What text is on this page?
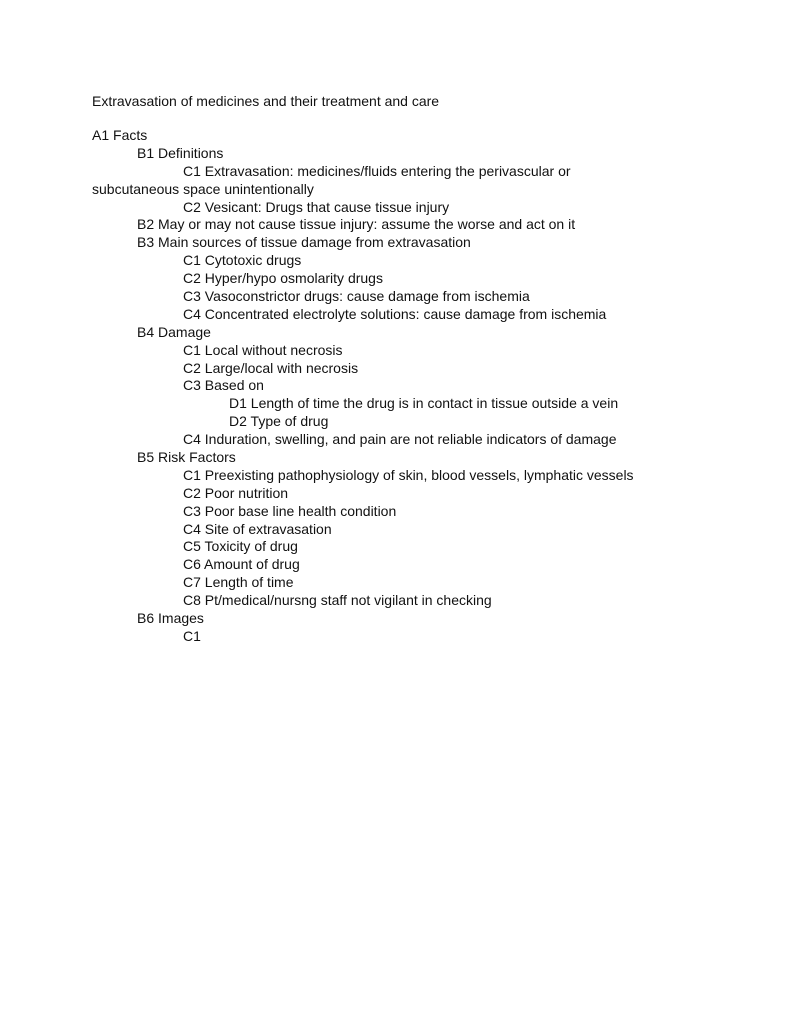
Extravasation of medicines and their treatment and care
A1 Facts
B1 Definitions
C1 Extravasation: medicines/fluids entering the perivascular or
subcutaneous space unintentionally
C2 Vesicant: Drugs that cause tissue injury
B2 May or may not cause tissue injury: assume the worse and act on it
B3 Main sources of tissue damage from extravasation
C1 Cytotoxic drugs
C2 Hyper/hypo osmolarity drugs
C3 Vasoconstrictor drugs: cause damage from ischemia
C4 Concentrated electrolyte solutions: cause damage from ischemia
B4 Damage
C1 Local without necrosis
C2 Large/local with necrosis
C3 Based on
D1 Length of time the drug is in contact in tissue outside a vein
D2 Type of drug
C4 Induration, swelling, and pain are not reliable indicators of damage
B5 Risk Factors
C1 Preexisting pathophysiology of skin, blood vessels, lymphatic vessels
C2 Poor nutrition
C3 Poor base line health condition
C4 Site of extravasation
C5 Toxicity of drug
C6 Amount of drug
C7 Length of time
C8 Pt/medical/nursng staff not vigilant in checking
B6 Images
C1
